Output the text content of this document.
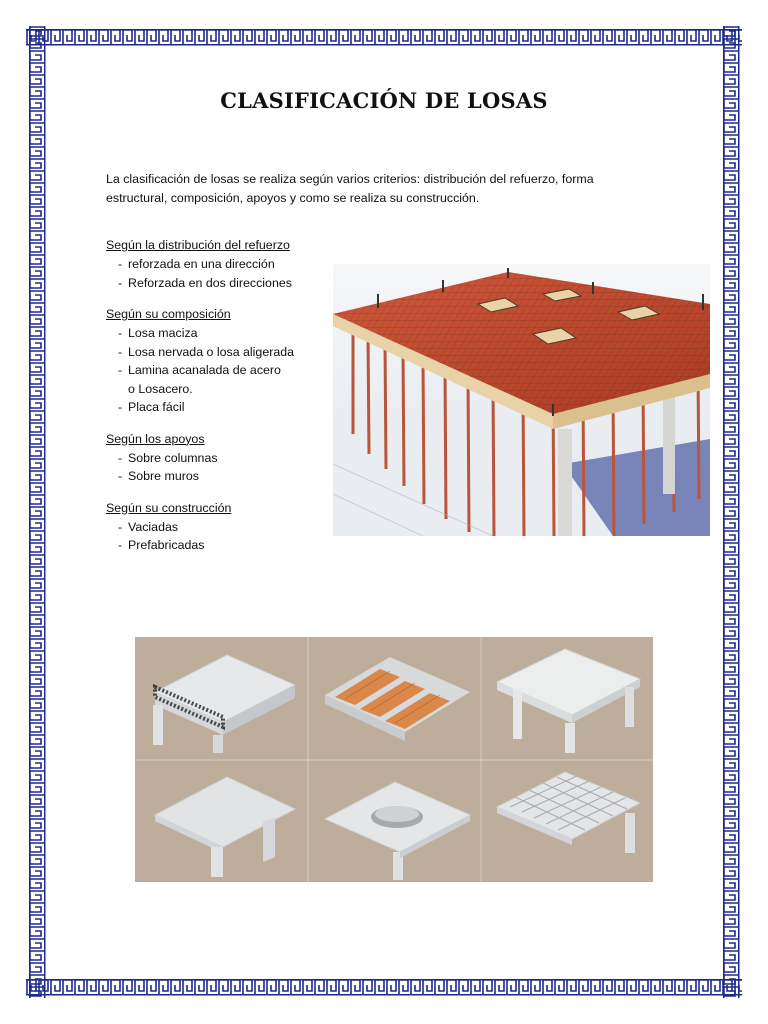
CLASIFICACIÓN DE LOSAS
La clasificación de losas se realiza según varios criterios: distribución del refuerzo, forma estructural, composición, apoyos y como se realiza su construcción.
Según la distribución del refuerzo
- reforzada en una dirección
- Reforzada en dos direcciones
Según su composición
- Losa maciza
- Losa nervada o losa aligerada
- Lamina acanalada de acero
o Losacero.
- Placa fácil
Según los apoyos
- Sobre columnas
- Sobre muros
Según su construcción
- Vaciadas
- Prefabricadas
